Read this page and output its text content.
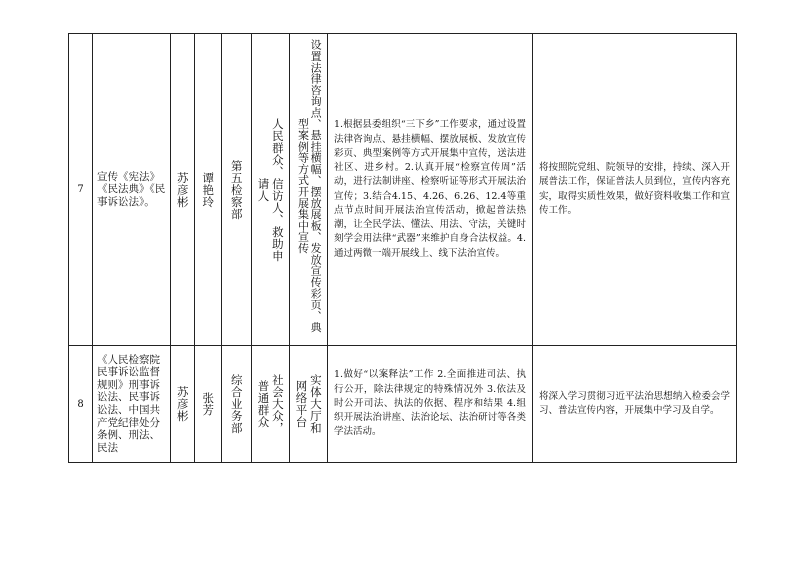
7	宣传《宪法》《民法典》《民事诉讼法》。	苏彦彬	谭艳玲	第五检察部	人民群众、信访人、救助申请人	设置法律咨询点、悬挂横幅、摆放展板、发放宣传彩页、典型案例等方式开展集中宣传	1.根据县委组织“三下乡”工作要求，通过设置法律咨询点、悬挂横幅、摆放展板、发放宣传彩页、典型案例等方式开展集中宣传，送法进社区、进乡村。2.认真开展“检察宣传周”活动，进行法制讲座、检察听证等形式开展法治宣传；3.结合4.15、4.26、6.26、12.4等重点节点时间开展法治宣传活动，掀起普法热潮，让全民学法、懂法、用法、守法，关键时刻学会用法律“武器”来维护自身合法权益。4.通过两微一端开展线上、线下法治宣传。	将按照院党组、院领导的安排，持续、深入开展普法工作，保证普法人员到位，宣传内容充实，取得实质性效果，做好资料收集工作和宣传工作。
8	《人民检察院民事诉讼监督规则》刑事诉讼法、民事诉讼法、中国共产党纪律处分条例、刑法、民法	苏彦彬	张芳	综合业务部	社会大众，普通群众	实体大厅和网络平台	1.做好“以案释法”工作 2.全面推进司法、执行公开，除法律规定的特殊情况外 3.依法及时公开司法、执法的依据、程序和结果 4.组织开展法治讲座、法治论坛、法治研讨等各类学法活动。	将深入学习贯彻习近平法治思想纳入检委会学习、普法宣传内容，开展集中学习及自学。
